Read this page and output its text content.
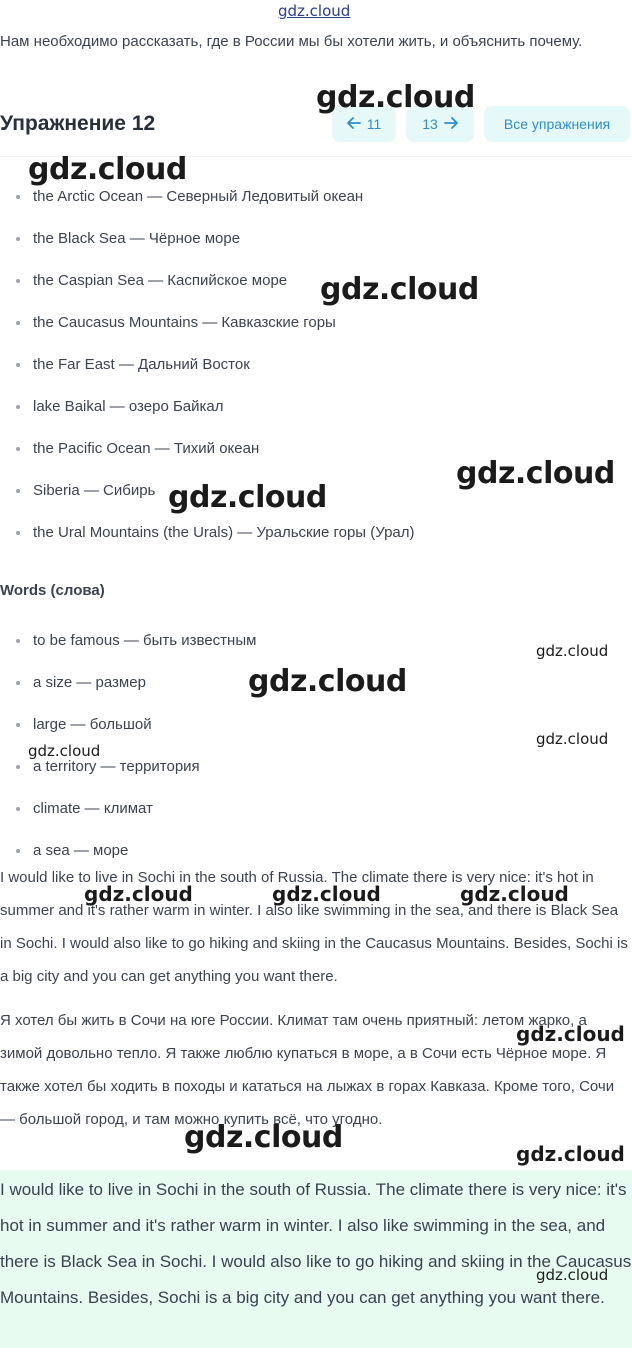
gdz.cloud
Нам необходимо рассказать, где в России мы бы хотели жить, и объяснить почему.
Упражнение 12	11	13	Все упражнения
the Arctic Ocean — Северный Ледовитый океан
the Black Sea — Чёрное море
the Caspian Sea — Каспийское море
the Caucasus Mountains — Кавказские горы
the Far East — Дальний Восток
lake Baikal — озеро Байкал
the Pacific Ocean — Тихий океан
Siberia — Сибирь
the Ural Mountains (the Urals) — Уральские горы (Урал)
Words (слова)
to be famous — быть известным
a size — размер
large — большой
a territory — территория
climate — климат
a sea — море
I would like to live in Sochi in the south of Russia. The climate there is very nice: it's hot in summer and it's rather warm in winter. I also like swimming in the sea, and there is Black Sea in Sochi. I would also like to go hiking and skiing in the Caucasus Mountains. Besides, Sochi is a big city and you can get anything you want there.
Я хотел бы жить в Сочи на юге России. Климат там очень приятный: летом жарко, а зимой довольно тепло. Я также люблю купаться в море, а в Сочи есть Чёрное море. Я также хотел бы ходить в походы и кататься на лыжах в горах Кавказа. Кроме того, Сочи — большой город, и там можно купить всё, что угодно.

I would like to live in Sochi in the south of Russia. The climate there is very nice: it's hot in summer and it's rather warm in winter. I also like swimming in the sea, and there is Black Sea in Sochi. I would also like to go hiking and skiing in the Caucasus Mountains. Besides, Sochi is a big city and you can get anything you want there.

gdz.cloud
gdz.cloud
gdz.cloud
gdz.cloud
gdz.cloud
gdz.cloud
gdz.cloud
gdz.cloud
gdz.cloud
gdz.cloud	gdz.cloud	gdz.cloud
gdz.cloud
gdz.cloud	gdz.cloud
gdz.cloud
